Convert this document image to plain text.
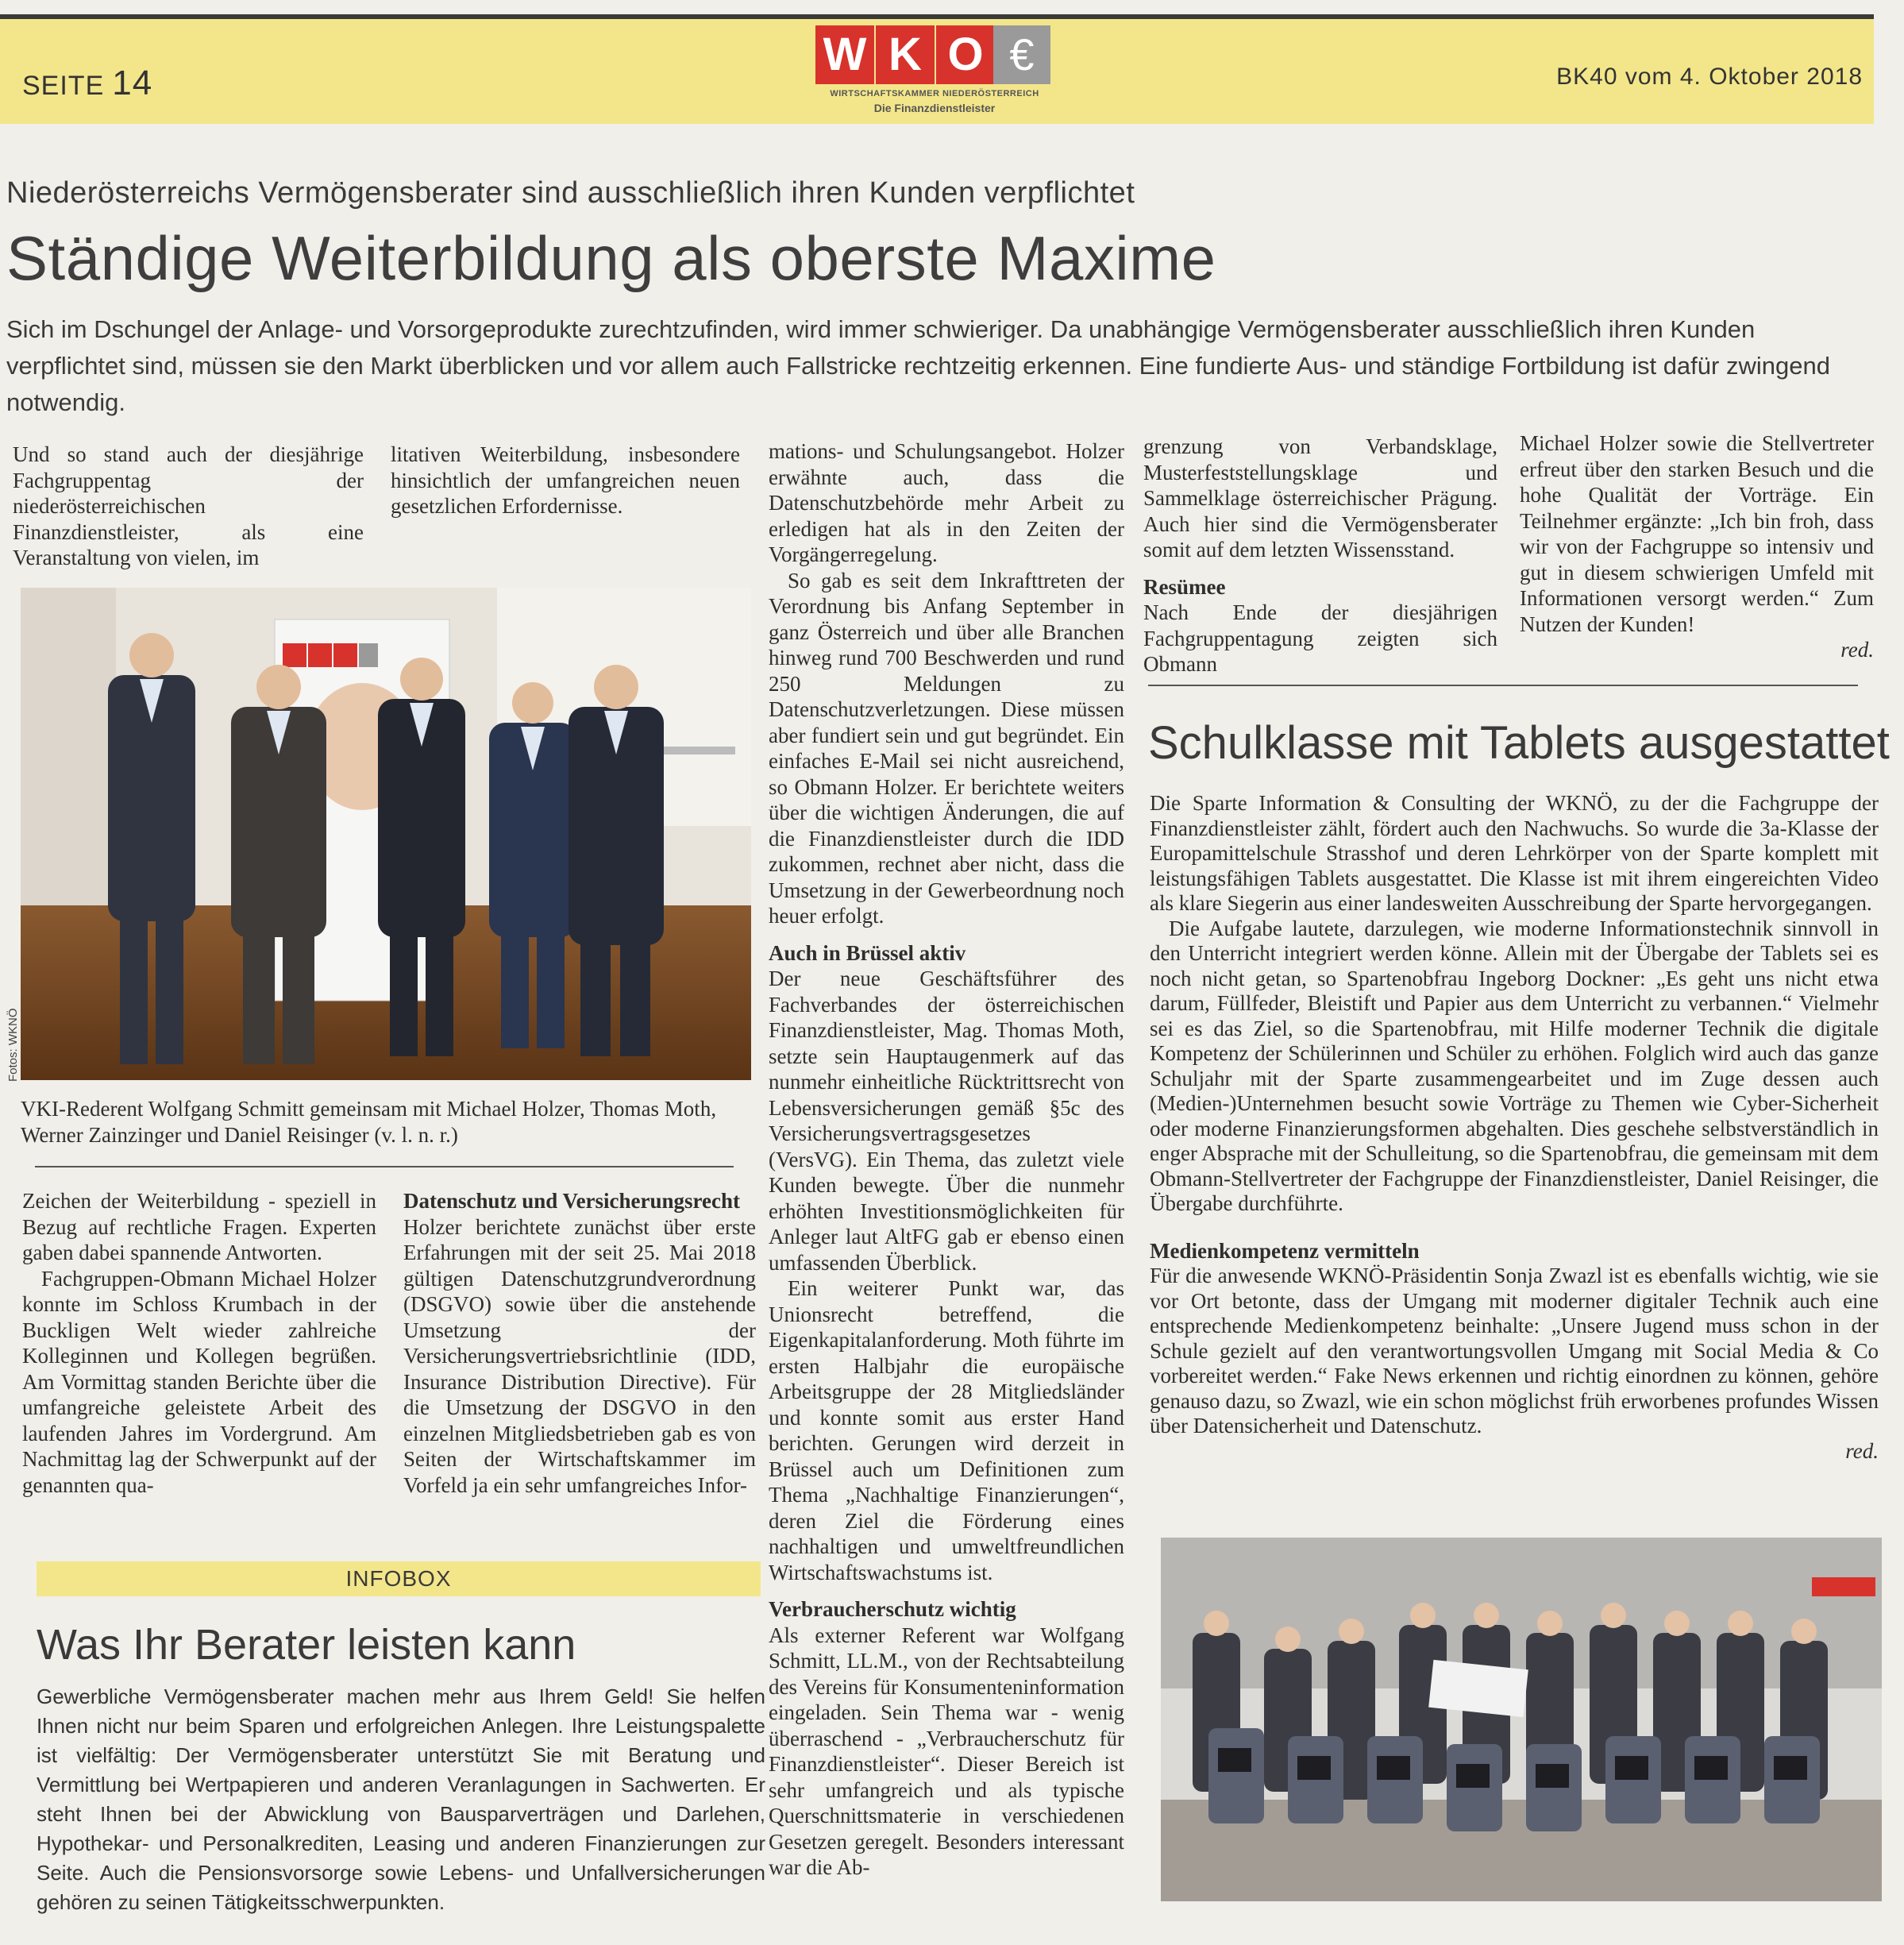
SEITE 14	BK40 vom 4. Oktober 2018
W K O €
WIRTSCHAFTSKAMMER NIEDERÖSTERREICH
Die Finanzdienstleister
Niederösterreichs Vermögensberater sind ausschließlich ihren Kunden verpflichtet
Ständige Weiterbildung als oberste Maxime
Sich im Dschungel der Anlage- und Vorsorgeprodukte zurechtzufinden, wird immer schwieriger. Da unabhängige Vermögensberater ausschließlich ihren Kunden verpflichtet sind, müssen sie den Markt überblicken und vor allem auch Fallstricke rechtzeitig erkennen. Eine fundierte Aus- und ständige Fortbildung ist dafür zwingend notwendig.

Und so stand auch der diesjährige Fachgruppentag der niederösterreichischen Finanzdienstleister, als eine Veranstaltung von vielen, im

litativen Weiterbildung, insbesondere hinsichtlich der umfangreichen neuen gesetzlichen Erfordernisse.

Fotos: WKNÖ
VKI-Rederent Wolfgang Schmitt gemeinsam mit Michael Holzer, Thomas Moth, Werner Zainzinger und Daniel Reisinger (v. l. n. r.)

Zeichen der Weiterbildung - speziell in Bezug auf rechtliche Fragen. Experten gaben dabei spannende Antworten.

Fachgruppen-Obmann Michael Holzer konnte im Schloss Krumbach in der Buckligen Welt wieder zahlreiche Kolleginnen und Kollegen begrüßen. Am Vormittag standen Berichte über die umfangreiche geleistete Arbeit des laufenden Jahres im Vordergrund. Am Nachmittag lag der Schwerpunkt auf der genannten qua-

Datenschutz und Versicherungsrecht

Holzer berichtete zunächst über erste Erfahrungen mit der seit 25. Mai 2018 gültigen Datenschutzgrundverordnung (DSGVO) sowie über die anstehende Umsetzung der Versicherungsvertriebsrichtlinie (IDD, Insurance Distribution Directive). Für die Umsetzung der DSGVO in den einzelnen Mitgliedsbetrieben gab es von Seiten der Wirtschaftskammer im Vorfeld ja ein sehr umfangreiches Infor-

mations- und Schulungsangebot. Holzer erwähnte auch, dass die Datenschutzbehörde mehr Arbeit zu erledigen hat als in den Zeiten der Vorgängerregelung.

So gab es seit dem Inkrafttreten der Verordnung bis Anfang September in ganz Österreich und über alle Branchen hinweg rund 700 Beschwerden und rund 250 Meldungen zu Datenschutzverletzungen. Diese müssen aber fundiert sein und gut begründet. Ein einfaches E-Mail sei nicht ausreichend, so Obmann Holzer. Er berichtete weiters über die wichtigen Änderungen, die auf die Finanzdienstleister durch die IDD zukommen, rechnet aber nicht, dass die Umsetzung in der Gewerbeordnung noch heuer erfolgt.

Auch in Brüssel aktiv

Der neue Geschäftsführer des Fachverbandes der österreichischen Finanzdienstleister, Mag. Thomas Moth, setzte sein Hauptaugenmerk auf das nunmehr einheitliche Rücktrittsrecht von Lebensversicherungen gemäß §5c des Versicherungsvertragsgesetzes (VersVG). Ein Thema, das zuletzt viele Kunden bewegte. Über die nunmehr erhöhten Investitionsmöglichkeiten für Anleger laut AltFG gab er ebenso einen umfassenden Überblick.

Ein weiterer Punkt war, das Unionsrecht betreffend, die Eigenkapitalanforderung. Moth führte im ersten Halbjahr die europäische Arbeitsgruppe der 28 Mitgliedsländer und konnte somit aus erster Hand berichten. Gerungen wird derzeit in Brüssel auch um Definitionen zum Thema „Nachhaltige Finanzierungen“, deren Ziel die Förderung eines nachhaltigen und umweltfreundlichen Wirtschaftswachstums ist.

Verbraucherschutz wichtig

Als externer Referent war Wolfgang Schmitt, LL.M., von der Rechtsabteilung des Vereins für Konsumenteninformation eingeladen. Sein Thema war - wenig überraschend - „Verbraucherschutz für Finanzdienstleister“. Dieser Bereich ist sehr umfangreich und als typische Querschnittsmaterie in verschiedenen Gesetzen geregelt. Besonders interessant war die Ab-

grenzung von Verbandsklage, Musterfeststellungsklage und Sammelklage österreichischer Prägung. Auch hier sind die Vermögensberater somit auf dem letzten Wissensstand.

Resümee

Nach Ende der diesjährigen Fachgruppentagung zeigten sich Obmann

Michael Holzer sowie die Stellvertreter erfreut über den starken Besuch und die hohe Qualität der Vorträge. Ein Teilnehmer ergänzte: „Ich bin froh, dass wir von der Fachgruppe so intensiv und gut in diesem schwierigen Umfeld mit Informationen versorgt werden.“ Zum Nutzen der Kunden!

red.

Schulklasse mit Tablets ausgestattet

Die Sparte Information & Consulting der WKNÖ, zu der die Fachgruppe der Finanzdienstleister zählt, fördert auch den Nachwuchs. So wurde die 3a-Klasse der Europamittelschule Strasshof und deren Lehrkörper von der Sparte komplett mit leistungsfähigen Tablets ausgestattet. Die Klasse ist mit ihrem eingereichten Video als klare Siegerin aus einer landesweiten Ausschreibung der Sparte hervorgegangen.

Die Aufgabe lautete, darzulegen, wie moderne Informationstechnik sinnvoll in den Unterricht integriert werden könne. Allein mit der Übergabe der Tablets sei es noch nicht getan, so Spartenobfrau Ingeborg Dockner: „Es geht uns nicht etwa darum, Füllfeder, Bleistift und Papier aus dem Unterricht zu verbannen.“ Vielmehr sei es das Ziel, so die Spartenobfrau, mit Hilfe moderner Technik die digitale Kompetenz der Schülerinnen und Schüler zu erhöhen. Folglich wird auch das ganze Schuljahr mit der Sparte zusammengearbeitet und im Zuge dessen auch (Medien-)Unternehmen besucht sowie Vorträge zu Themen wie Cyber-Sicherheit oder moderne Finanzierungsformen abgehalten. Dies geschehe selbstverständlich in enger Absprache mit der Schulleitung, so die Spartenobfrau, die gemeinsam mit dem Obmann-Stellvertreter der Fachgruppe der Finanzdienstleister, Daniel Reisinger, die Übergabe durchführte.

Medienkompetenz vermitteln

Für die anwesende WKNÖ-Präsidentin Sonja Zwazl ist es ebenfalls wichtig, wie sie vor Ort betonte, dass der Umgang mit moderner digitaler Technik auch eine entsprechende Medienkompetenz beinhalte: „Unsere Jugend muss schon in der Schule gezielt auf den verantwortungsvollen Umgang mit Social Media & Co vorbereitet werden.“ Fake News erkennen und richtig einordnen zu können, gehöre genauso dazu, so Zwazl, wie ein schon möglichst früh erworbenes profundes Wissen über Datensicherheit und Datenschutz.

red.

INFOBOX
Was Ihr Berater leisten kann
Gewerbliche Vermögensberater machen mehr aus Ihrem Geld! Sie helfen Ihnen nicht nur beim Sparen und erfolgreichen Anlegen. Ihre Leistungspalette ist vielfältig: Der Vermögensberater unterstützt Sie mit Beratung und Vermittlung bei Wertpapieren und anderen Veranlagungen in Sachwerten. Er steht Ihnen bei der Abwicklung von Bausparverträgen und Darlehen, Hypothekar- und Personalkrediten, Leasing und anderen Finanzierungen zur Seite. Auch die Pensionsvorsorge sowie Lebens- und Unfallversicherungen gehören zu seinen Tätigkeitsschwerpunkten.
